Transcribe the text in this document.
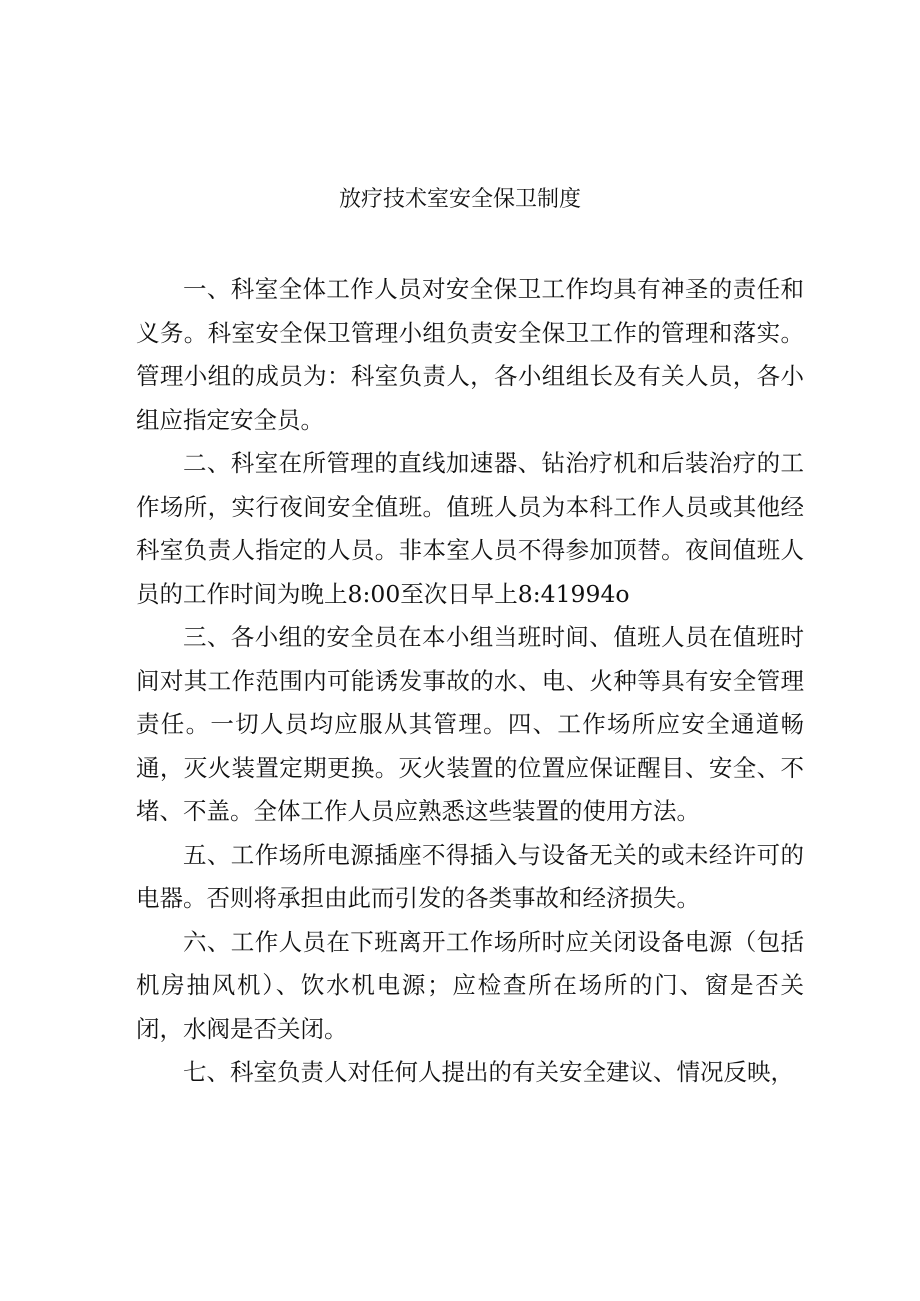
放疗技术室安全保卫制度

一、科室全体工作人员对安全保卫工作均具有神圣的责任和义务。科室安全保卫管理小组负责安全保卫工作的管理和落实。管理小组的成员为：科室负责人，各小组组长及有关人员，各小组应指定安全员。

二、科室在所管理的直线加速器、钻治疗机和后装治疗的工作场所，实行夜间安全值班。值班人员为本科工作人员或其他经科室负责人指定的人员。非本室人员不得参加顶替。夜间值班人员的工作时间为晚上8:00至次日早上8:41994o

三、各小组的安全员在本小组当班时间、值班人员在值班时间对其工作范围内可能诱发事故的水、电、火种等具有安全管理责任。一切人员均应服从其管理。四、工作场所应安全通道畅通，灭火装置定期更换。灭火装置的位置应保证醒目、安全、不堵、不盖。全体工作人员应熟悉这些装置的使用方法。

五、工作场所电源插座不得插入与设备无关的或未经许可的电器。否则将承担由此而引发的各类事故和经济损失。

六、工作人员在下班离开工作场所时应关闭设备电源（包括机房抽风机）、饮水机电源；应检查所在场所的门、窗是否关闭，水阀是否关闭。

七、科室负责人对任何人提出的有关安全建议、情况反映，
